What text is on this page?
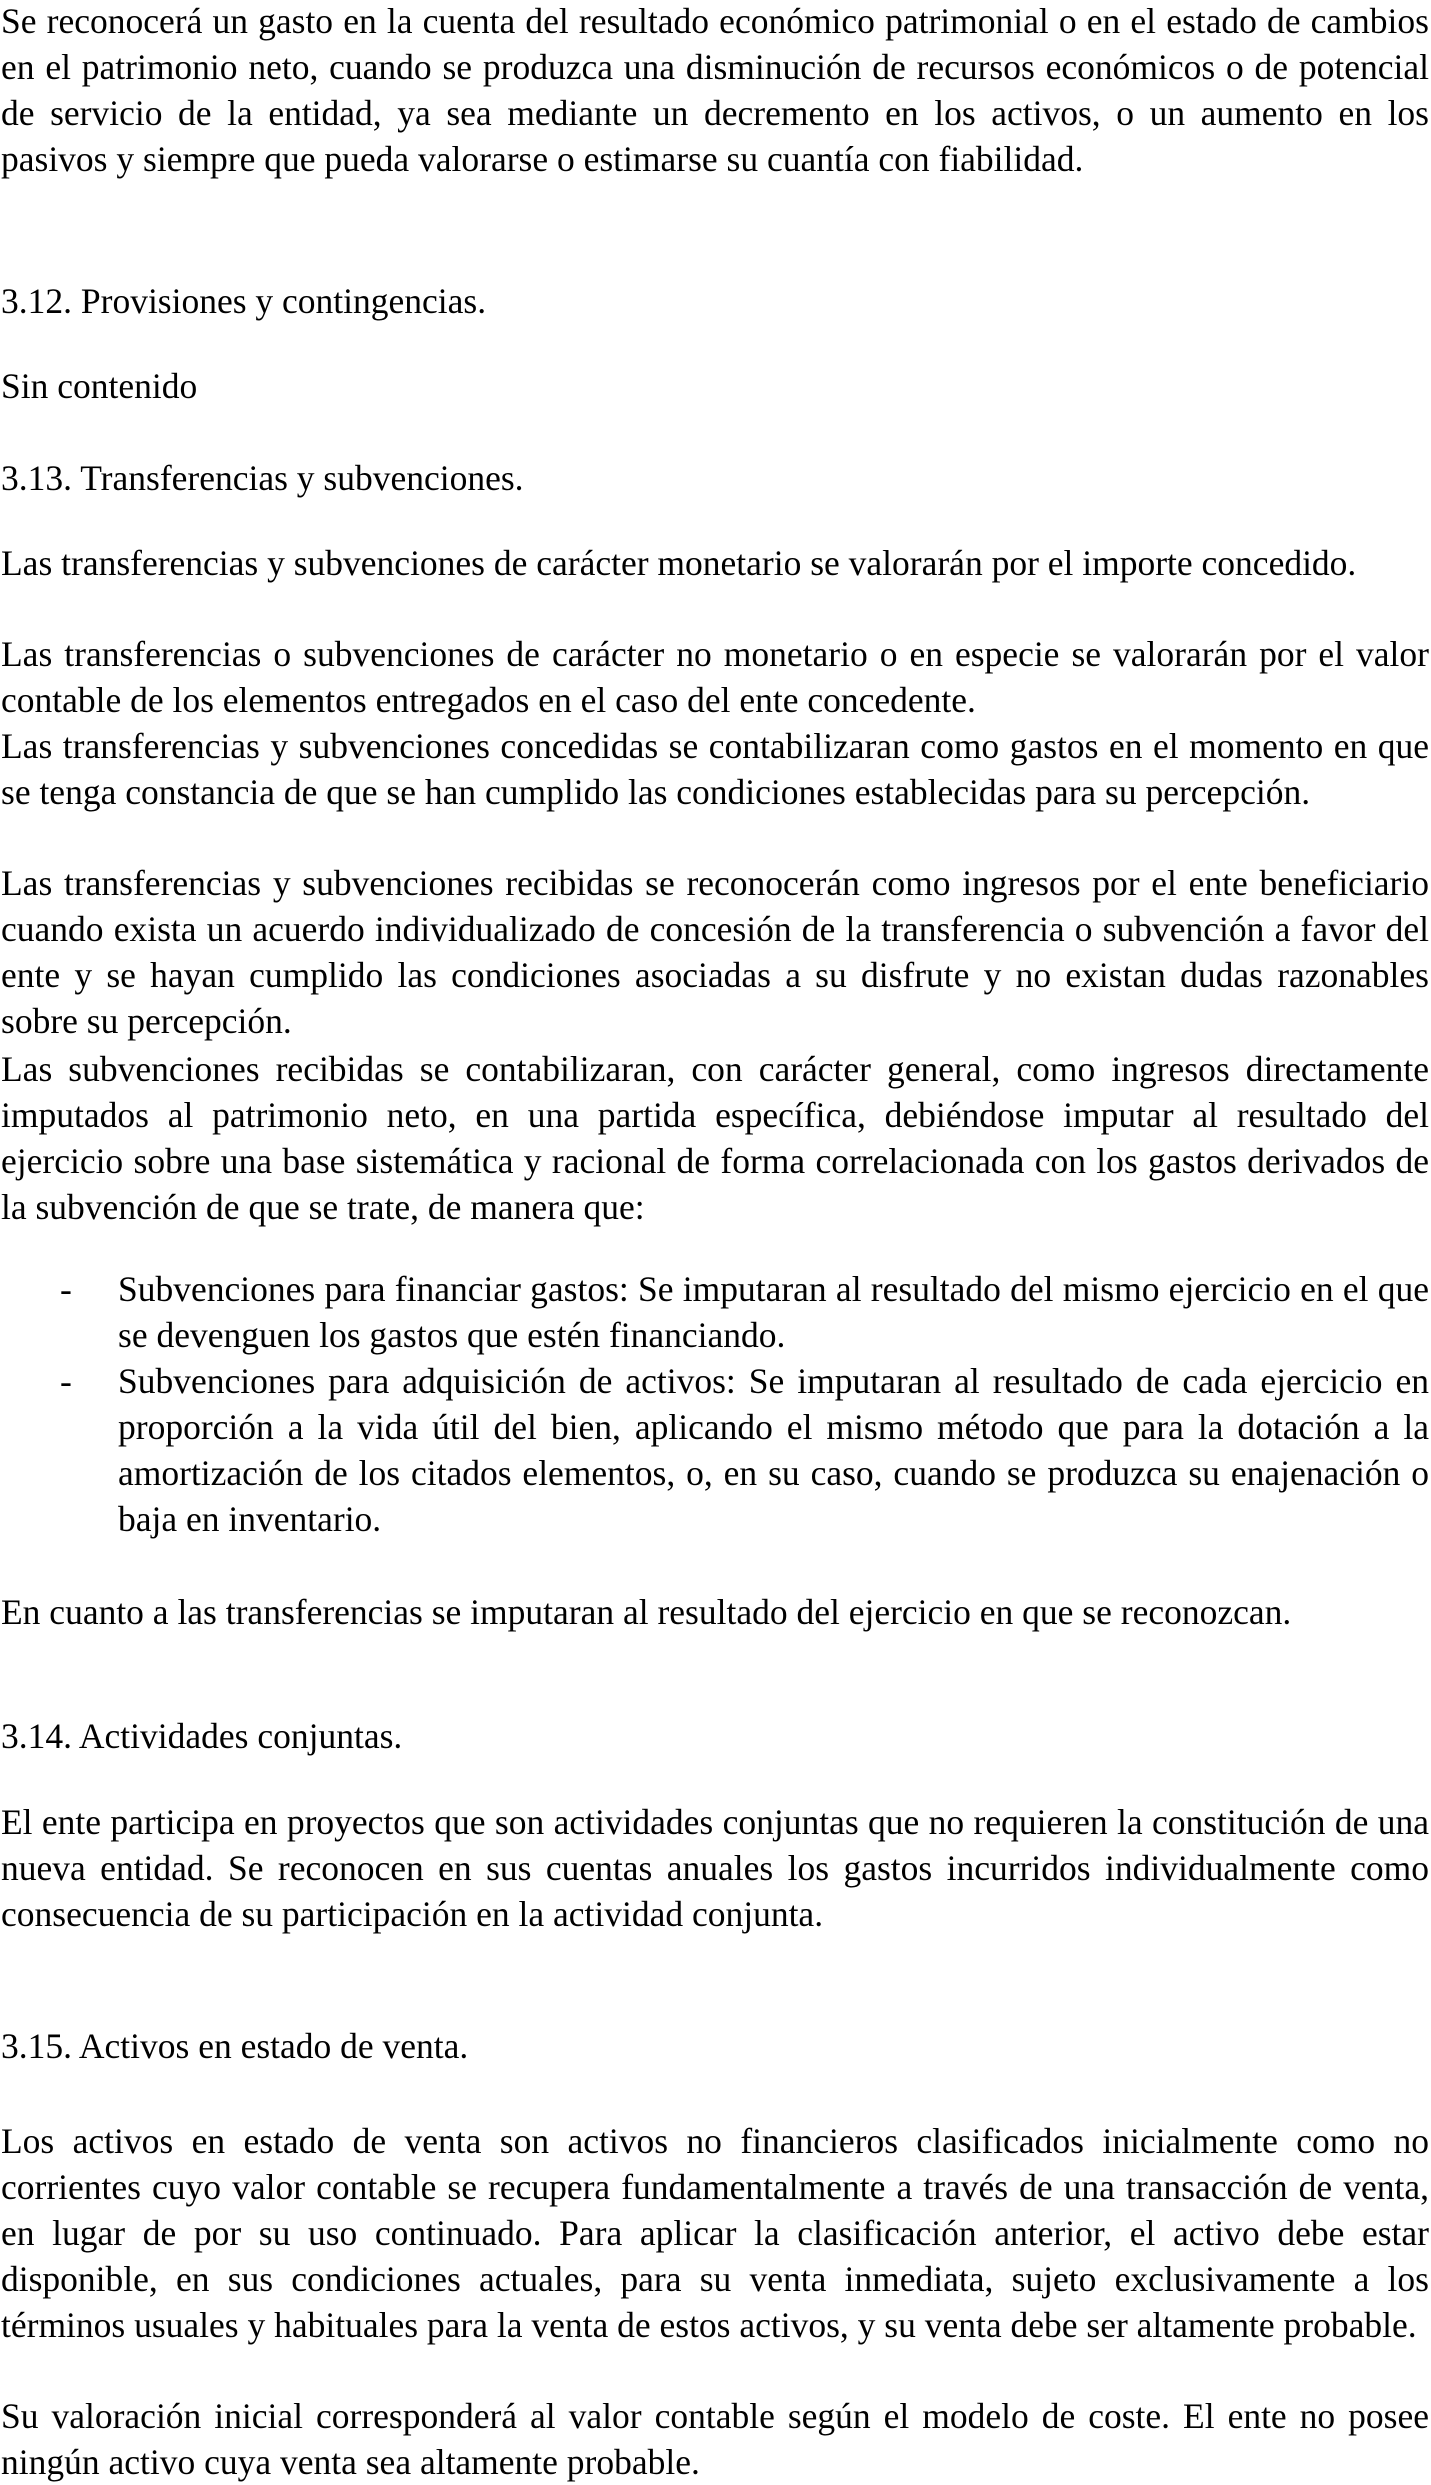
Se reconocerá un gasto en la cuenta del resultado económico patrimonial o en el estado de cambios en el patrimonio neto, cuando se produzca una disminución de recursos económicos o de potencial de servicio de la entidad, ya sea mediante un decremento en los activos, o un aumento en los pasivos y siempre que pueda valorarse o estimarse su cuantía con fiabilidad.

3.12. Provisiones y contingencias.

Sin contenido

3.13. Transferencias y subvenciones.

Las transferencias y subvenciones de carácter monetario se valorarán por el importe concedido.

Las transferencias o subvenciones de carácter no monetario o en especie se valorarán por el valor contable de los elementos entregados en el caso del ente concedente.

Las transferencias y subvenciones concedidas se contabilizaran como gastos en el momento en que se tenga constancia de que se han cumplido las condiciones establecidas para su percepción.

Las transferencias y subvenciones recibidas se reconocerán como ingresos por el ente beneficiario cuando exista un acuerdo individualizado de concesión de la transferencia o subvención a favor del ente y se hayan cumplido las condiciones asociadas a su disfrute y no existan dudas razonables sobre su percepción.

Las subvenciones recibidas se contabilizaran, con carácter general, como ingresos directamente imputados al patrimonio neto, en una partida específica, debiéndose imputar al resultado del ejercicio sobre una base sistemática y racional de forma correlacionada con los gastos derivados de la subvención de que se trate, de manera que:

- Subvenciones para financiar gastos: Se imputaran al resultado del mismo ejercicio en el que se devenguen los gastos que estén financiando.

- Subvenciones para adquisición de activos: Se imputaran al resultado de cada ejercicio en proporción a la vida útil del bien, aplicando el mismo método que para la dotación a la amortización de los citados elementos, o, en su caso, cuando se produzca su enajenación o baja en inventario.

En cuanto a las transferencias se imputaran al resultado del ejercicio en que se reconozcan.

3.14. Actividades conjuntas.

El ente participa en proyectos que son actividades conjuntas que no requieren la constitución de una nueva entidad. Se reconocen en sus cuentas anuales los gastos incurridos individualmente como consecuencia de su participación en la actividad conjunta.

3.15. Activos en estado de venta.

Los activos en estado de venta son activos no financieros clasificados inicialmente como no corrientes cuyo valor contable se recupera fundamentalmente a través de una transacción de venta, en lugar de por su uso continuado. Para aplicar la clasificación anterior, el activo debe estar disponible, en sus condiciones actuales, para su venta inmediata, sujeto exclusivamente a los términos usuales y habituales para la venta de estos activos, y su venta debe ser altamente probable.

Su valoración inicial corresponderá al valor contable según el modelo de coste. El ente no posee ningún activo cuya venta sea altamente probable.
